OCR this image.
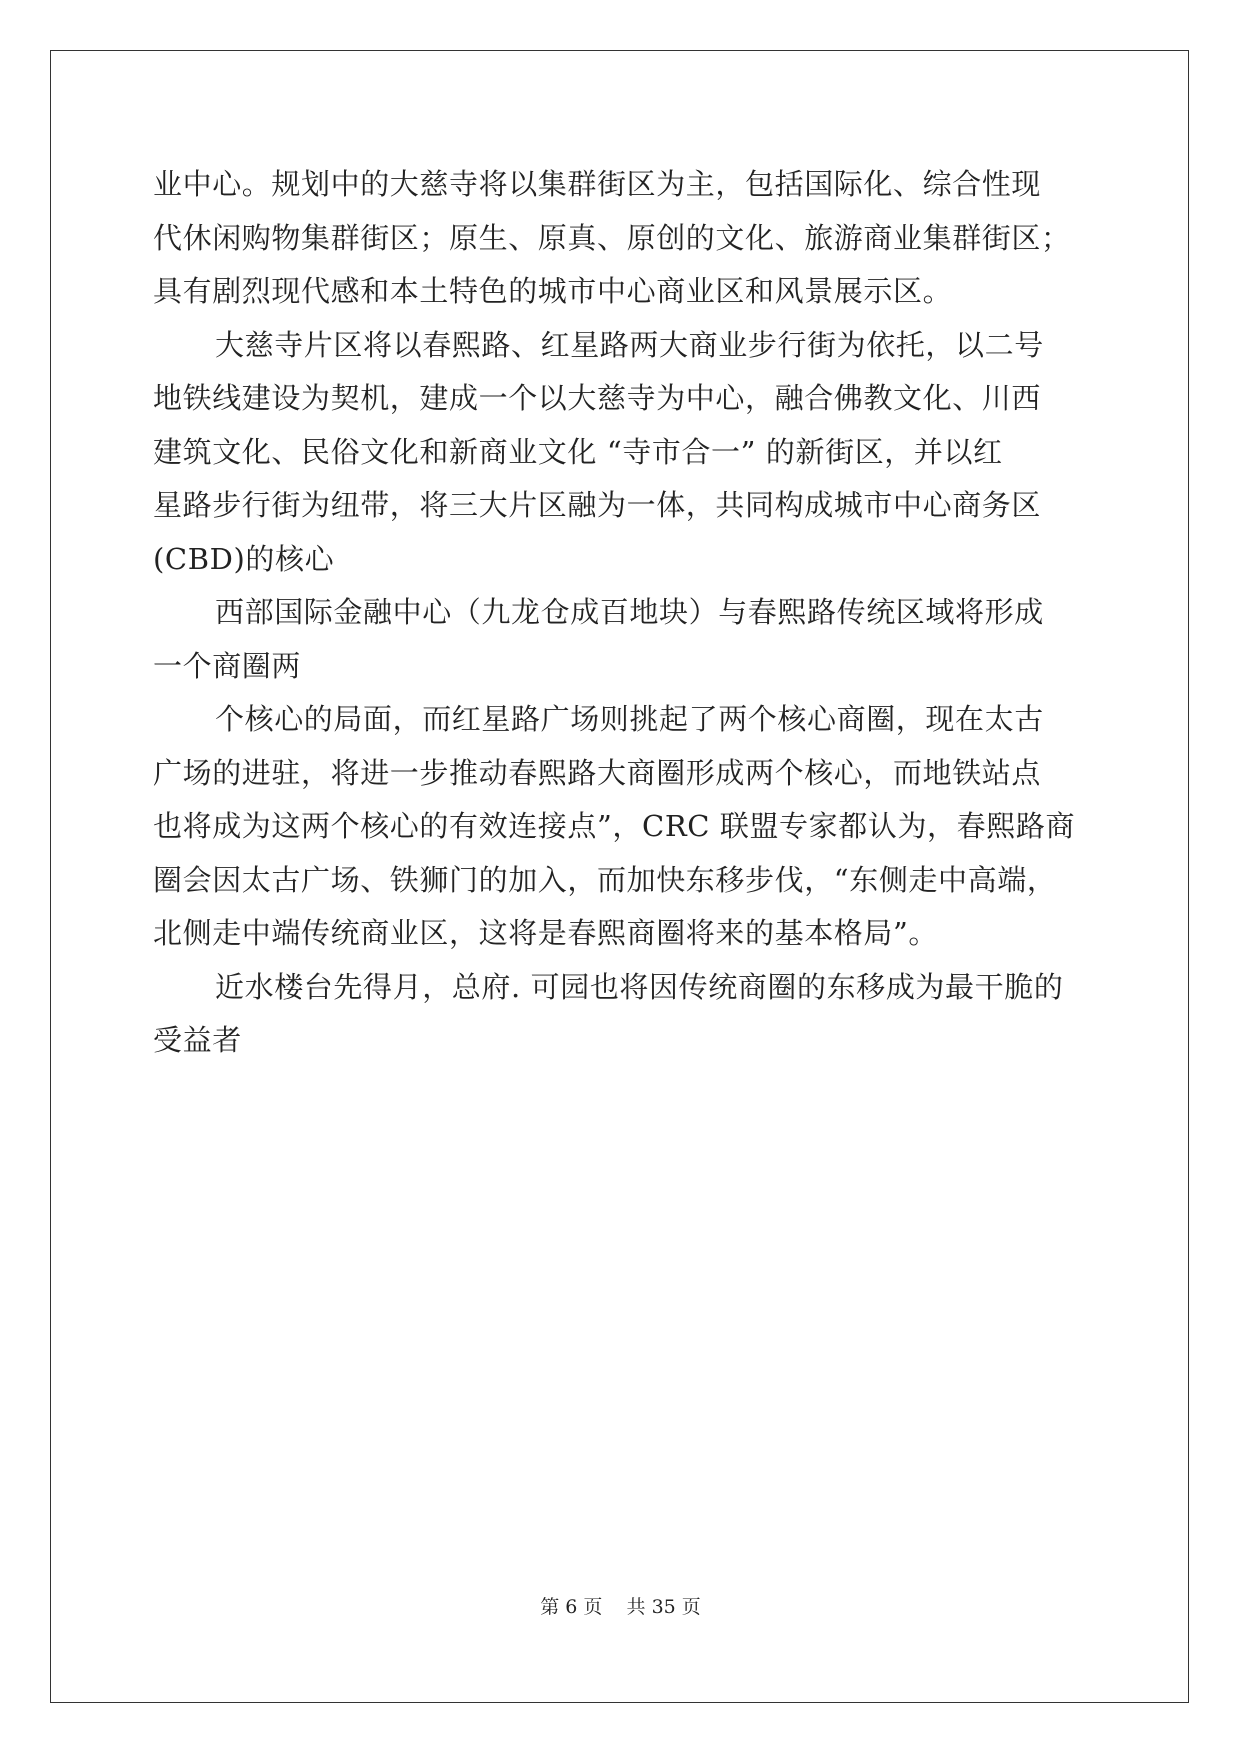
业中心。规划中的大慈寺将以集群街区为主，包括国际化、综合性现
代休闲购物集群街区；原生、原真、原创的文化、旅游商业集群街区；
具有剧烈现代感和本土特色的城市中心商业区和风景展示区。
大慈寺片区将以春熙路、红星路两大商业步行街为依托，以二号
地铁线建设为契机，建成一个以大慈寺为中心，融合佛教文化、川西
建筑文化、民俗文化和新商业文化 “寺市合一” 的新街区，并以红
星路步行街为纽带，将三大片区融为一体，共同构成城市中心商务区
(CBD)的核心
西部国际金融中心（九龙仓成百地块）与春熙路传统区域将形成
一个商圈两
个核心的局面，而红星路广场则挑起了两个核心商圈，现在太古
广场的进驻，将进一步推动春熙路大商圈形成两个核心，而地铁站点
也将成为这两个核心的有效连接点”，CRC 联盟专家都认为，春熙路商
圈会因太古广场、铁狮门的加入，而加快东移步伐，“东侧走中高端，
北侧走中端传统商业区，这将是春熙商圈将来的基本格局”。
近水楼台先得月，总府. 可园也将因传统商圈的东移成为最干脆的
受益者
第 6 页    共 35 页
